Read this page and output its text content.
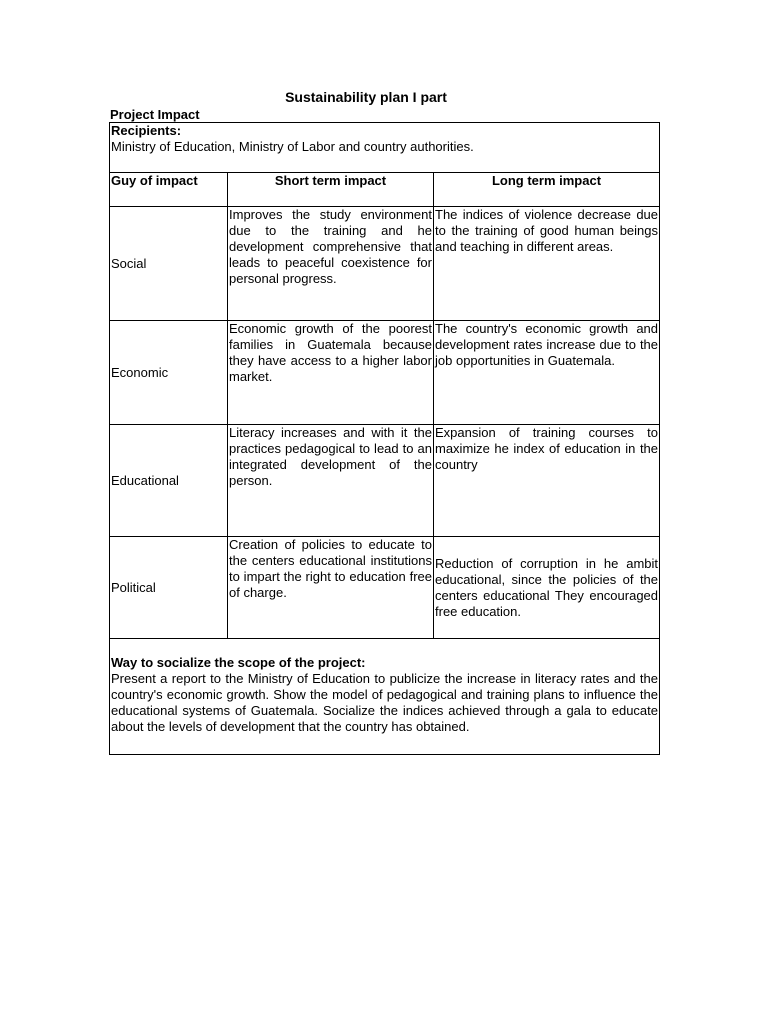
Sustainability plan I part
Project Impact
Recipients:
Ministry of Education, Ministry of Labor and country authorities.		

Guy of impact	Short term impact	Long term impact
Social	Improves the study environment due to the training and he development comprehensive that leads to peaceful coexistence for personal progress.	The indices of violence decrease due to the training of good human beings and teaching in different areas.
Economic	Economic growth of the poorest families in Guatemala because they have access to a higher labor market.	The country's economic growth and development rates increase due to the job opportunities in Guatemala.
Educational	Literacy increases and with it the practices pedagogical to lead to an integrated development of the person.	Expansion of training courses to maximize he index of education in the country
Political	Creation of policies to educate to the centers educational institutions to impart the right to education free of charge.	Reduction of corruption in he ambit educational, since the policies of the centers educational They encouraged free education.

Way to socialize the scope of the project:
Present a report to the Ministry of Education to publicize the increase in literacy rates and the country's economic growth. Show the model of pedagogical and training plans to influence the educational systems of Guatemala. Socialize the indices achieved through a gala to educate about the levels of development that the country has obtained.		
